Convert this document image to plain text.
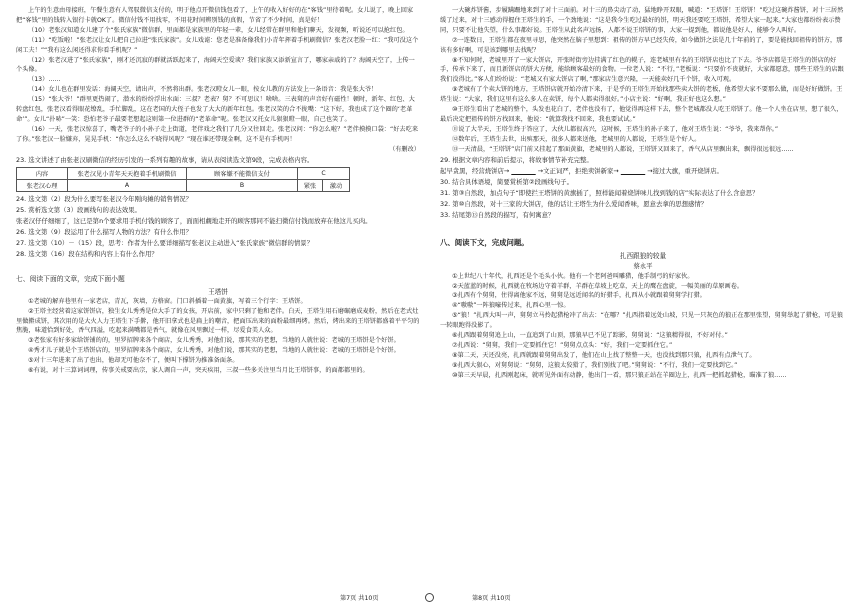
上午的生意由母接班，午餐生意有人驾驭微信支付的，明于他点开微信钱包看了，上午的收入好好的在“客钱”里待着呢。女儿说了，晚上回家把“客钱”里的钱转入银行卡就OK了。微信付钱不用找零，不用花时间辨别钱的真假，节省了不少时间，真是好！

（10）老张汉知道女儿建了个“张氏家族”微信群，里面都是家族里的年轻一辈，女儿经常在群里和他们聊天，发视频，听说还可以抢红包。

（11）“吃饭啦！”张老汉让女儿把自己拉进“张氏家族”。女儿戏谑：您老是准备像我们小青年挥着手机刷微信？张老汉老脸一红：“我可没这个闲工夫！”“我有这么闲还得求你看手机呢？”

（12）张老汉进了“张氏家族”，刚才还沉寂的群就活跃起来了，海阔天空爱谈？我们家族又添新宣言了，哪家亲戚的了？海阔天空了，上传一个头像。

（13）……

（14）女儿也在群里发话：海阔天空，请出声，不然将出群。张老汉瞪女儿一眼，按女儿教的方法发上一条语音：我是张大爷！

（15）“张大爷！”群里更热闹了，潜水的纷纷浮出水面：三叔？老表？舅？不可思议！啥啥。三表舅的声音好有磁性！顿时，新年、红包、大转盘红包，张老汉看得眼花缭乱，手忙脚乱，这在老国的大侄子也发了大大的新年红包。张老汉笑的合不拢嘴：“这下好，我也成了这个圈的‘老革命’”。女儿“扑哧”一笑：恐怕老爷子最要老想起这则第一位进群的“老革命”呢。张老汉又托女儿狠狠瞪一眼，自己也笑了。

（16）一天，张老汉惊喜了，嘴老爷子的小孙子走上街道，老伴戏之我们了几分又往回走。张老汉问：“你怎么啦？”老伴摸摸口袋：“好去吃来了你。”张老汉一脸嫌弃，晃晃手机：“你怎么这么不晓得风呢？”现在谁还带现金啊，这不是有手机吗！

（有删改）

23. 选文讲述了由张老汉刷微信的经历引发的一系列有趣的故事，请从表阅读选文第9段，完成表格内容。

内容	张老汉见小青年天天抱着手机刷微信	顾客嫌不能微信支付	C	
张老汉心理	A	B	紧张	激动

24. 选文第（2）段为什么要写张老汉今年刚肉摊的销售情况？

25. 赏析选文第（3）段画线句的表达效果。

张老汉仔仔细细了，这已是第n个要求用手机付钱的顾客了，面面相觑地走开的顾客那同不能扫微信付钱而放弃在他这儿买肉。

26. 选文第（9）段运用了什么描写人物的方法？有什么作用？

27. 选文第（10）－（15）段，思考：作者为什么要详细描写张老汉主动进入“张氏家族”微信群的情景？

28. 选文第（16）段在结构和内容上有什么作用？

七、阅读下面的文章，完成下面小题

王塔饼

①老城的解弃巷里有一家老店，青瓦，灰墙，方格窗。门口斜插着一面黄旗，写着三个行字：王塔饼。

②王塔主经营着这家饼饼店，独生女儿秀秀是位大手了的女孩，开店前，家中只剩了他和老伴。白天，王塔生用石磨碾磨成麦粉，然后在老式灶里做擀成饼，其次用的是大火人力王塔生下手擀，他开旧拿式也是扁上的嘲音，把面压出来的面粉最细再烤。然后，烤出来的王塔饼都盛着平平匀的焦脆，味道恰到好处，香气四溢，吃起来满嘴都是香气，就像在风里飘过一样，尽爱食美人众。

③老张家有好多家给饼铺的的，里罗招牌来各个商店，女儿秀秀，对他们说，那其实的老想，当地的人就往说：老城的王塔饼是个好饼。

④秀才儿子就是个王塔饼店的，里罗招牌来各个商店，女儿秀秀，对他们说，那其实的老想，当地的人就往说：老城的王塔饼是个好饼。

⑤对十三年进来了出了也出，他却无可他奈不了，便叫下撑饼为推准备面条。

⑥有说，对十三算词词理，传事关戒要出宗，家人调自一声，突天疾用，三叔一些多关注里当月比王塔饼事，的面都都里的。

第7页 共10页

一大碗炸饼酱，步履蹒跚地来到了对十三面前。对十三的鼻尖动了动，猛地睁开双眼，喊道：“王塔饼！王塔饼！”吃过这碗炸酱饼，对十三居然缓了过来，对十三感动得握住王塔生的手，一个劲地说：“这是我今生吃过最好的饼，明天我还要吃王塔饼，希望大家一起来。”大家也都纷纷表示赞同，只要不让他失望，什么事都好说。王塔生从此名声远扬，人都不说王塔饼的事，大家一提到他，都说他是好人，能够令人叫好。

⑦一连数日，王塔生都在夜里寻思，他突然在脑子里想到：祖传的饼方早已经失传，如今做饼之法是几十年前的了，要是能找回祖传的饼方，那该有多好啊，可是该到哪里去找呢？

⑧不知何时，老城里开了一家大饼店，开张时街旁边挂满了红色的幌子，连老城里有名的王塔饼店也比了下去。爷爷店都是王塔生的饼店的好手，传承下来了，而且新饼店的饼大方便，能给顾客最好的食物。一位老人说：“不行，”老板说：“只要价不贵就好，大家都愿意，那些王塔生的店跟我们没得比。”客人们纷纷说：“老城又有家大饼店了啊，”那家店生意兴隆，一天能卖好几千个饼，收入可观。

⑨老城有了个卖大饼的地方，王塔饼店就开始冷清下来，于是乎的王塔生开始找那些卖大饼的老板，他希望大家不要那么做，而是好好做饼。王塔生说：“大家，我们这里有这么多人在卖饼，每个人都卖得很好。”小店主说：“好啊，我正好也这么想。”

⑩王塔生看出了老城的整个，头发也花白了，老伴也没有了，他觉得再这样下去，整个老城都没人吃王塔饼了。他一个人坐在店里，想了很久，最后决定把祖传的饼方找回来，他说：“就算我找不回来，我也要试试。”

⑪说了大半天，王塔生终于答应了，大伙儿都很高兴，这时候，王塔生的孙子来了，他对王塔生说：“爷爷，我来帮你。”

⑫数年后，王塔生去世，出殡那天，很多人都来送他，老城里的人都说，王塔生是个好人。

⑬一天清晨，“王塔饼”店门前又挂起了那面黄旗，老城里的人都说，王塔饼又回来了，香气从店里飘出来，飘得很远很远……

29. 根据文章内容和前后提示，将故事情节补充完整。

起早贪黑，经营烧饼店→	→文正词严，拒绝卖饼新家→	→接过大旗，重开烧饼店。

30. 结合具体语境，简要赏析第②段画线句子。

31. 第③自然段，加点句子“即使拦王塔饼的黄旗插了，照样能闻着烧饼味儿找到钱的店”实际表达了什么含意思？

32. 第⑩自然段，对十三家的大饼店，他的话让王塔生为什么爱闻香味，愿意去拿的思想感情？

33. 结尾第⑬自然段的描写，有何寓意？

八、阅读下文，完成问题。

扎西跟狼的较量

蔡永平

①上世纪八十年代，扎西还是个毛头小伙。他有一个老阿爸叫雕猎，他手制弓的好家伙。

②天蓝蓝的时候，扎西就在牧场边守着羊群，羊群在草坡上吃草，天上的鹰在盘旋，一幅美丽的草原画卷。

③扎西有个舅舅，住得离他家不远，舅舅是远近闻名的好猎手，扎西从小就跟着舅舅学打猎。

④“嗷嗷”一阵狼嚎传过来，扎西心里一惊。

⑤“狼！”扎西大叫一声，舅舅立马拎起猎枪冲了出去：“在哪？”扎西指着远处山坡，只见一只灰色的狼正在那里张望，舅舅举起了猎枪，可是狼一转眼跑得没影了。

⑥扎西跟着舅舅追上山，一直追到了山顶，那狼早已不见了踪影，舅舅说：“这狼精得很，不好对付。”

⑦扎西说：“舅舅，我们一定要抓住它！”舅舅点点头：“好，我们一定要抓住它。”

⑧第二天，天还没亮，扎西就跟着舅舅出发了，他们在山上找了整整一天，也没找到那只狼，扎西有点泄气了。

⑨扎西大狠心，对舅舅说：“舅舅，这狼太狡猾了，我们别找了吧。”舅舅说：“不行，我们一定要找到它。”

⑩第三天早晨，扎西刚起床，就听见外面有动静，他出门一看，那只狼正站在羊圈边上，扎西一把抓起猎枪，瞄准了狼……

第8页 共10页
